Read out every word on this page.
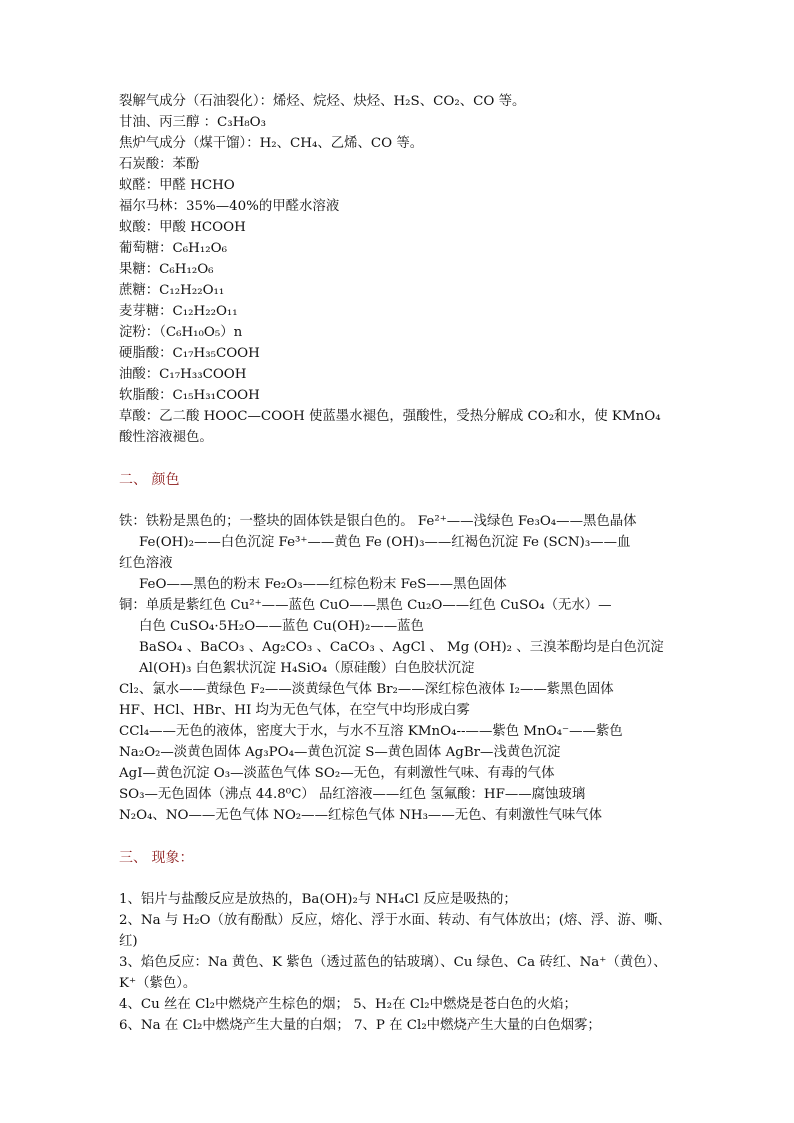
裂解气成分（石油裂化）：烯烃、烷烃、炔烃、H₂S、CO₂、CO 等。
甘油、丙三醇 ：C₃H₈O₃
焦炉气成分（煤干馏）：H₂、CH₄、乙烯、CO 等。
石炭酸：苯酚
蚁醛：甲醛 HCHO
福尔马林：35%—40%的甲醛水溶液
蚁酸：甲酸 HCOOH
葡萄糖：C₆H₁₂O₆
果糖：C₆H₁₂O₆
蔗糖：C₁₂H₂₂O₁₁
麦芽糖：C₁₂H₂₂O₁₁
淀粉：（C₆H₁₀O₅）n
硬脂酸：C₁₇H₃₅COOH
油酸：C₁₇H₃₃COOH
软脂酸：C₁₅H₃₁COOH
草酸：乙二酸 HOOC—COOH 使蓝墨水褪色，强酸性，受热分解成 CO₂和水，使 KMnO₄
酸性溶液褪色。
二、 颜色
铁：铁粉是黑色的；一整块的固体铁是银白色的。 Fe²⁺——浅绿色 Fe₃O₄——黑色晶体
Fe(OH)₂——白色沉淀 Fe³⁺——黄色 Fe (OH)₃——红褐色沉淀 Fe (SCN)₃——血
红色溶液
FeO——黑色的粉末 Fe₂O₃——红棕色粉末 FeS——黑色固体
铜：单质是紫红色 Cu²⁺——蓝色 CuO——黑色 Cu₂O——红色 CuSO₄（无水）—
白色 CuSO₄·5H₂O——蓝色 Cu(OH)₂——蓝色
BaSO₄ 、BaCO₃ 、Ag₂CO₃ 、CaCO₃ 、AgCl 、 Mg (OH)₂ 、三溴苯酚均是白色沉淀
Al(OH)₃ 白色絮状沉淀 H₄SiO₄（原硅酸）白色胶状沉淀
Cl₂、氯水——黄绿色 F₂——淡黄绿色气体 Br₂——深红棕色液体 I₂——紫黑色固体
HF、HCl、HBr、HI 均为无色气体，在空气中均形成白雾
CCl₄——无色的液体，密度大于水，与水不互溶 KMnO₄--——紫色 MnO₄⁻——紫色
Na₂O₂—淡黄色固体 Ag₃PO₄—黄色沉淀 S—黄色固体 AgBr—浅黄色沉淀
AgI—黄色沉淀 O₃—淡蓝色气体 SO₂—无色，有刺激性气味、有毒的气体
SO₃—无色固体（沸点 44.8⁰C） 品红溶液——红色 氢氟酸：HF——腐蚀玻璃
N₂O₄、NO——无色气体 NO₂——红棕色气体 NH₃——无色、有刺激性气味气体
三、 现象：
1、铝片与盐酸反应是放热的，Ba(OH)₂与 NH₄Cl 反应是吸热的；
2、Na 与 H₂O（放有酚酞）反应，熔化、浮于水面、转动、有气体放出；(熔、浮、游、嘶、
红)
3、焰色反应：Na 黄色、K 紫色（透过蓝色的钴玻璃）、Cu 绿色、Ca 砖红、Na⁺（黄色）、
K⁺（紫色）。
4、Cu 丝在 Cl₂中燃烧产生棕色的烟； 5、H₂在 Cl₂中燃烧是苍白色的火焰；
6、Na 在 Cl₂中燃烧产生大量的白烟； 7、P 在 Cl₂中燃烧产生大量的白色烟雾；
